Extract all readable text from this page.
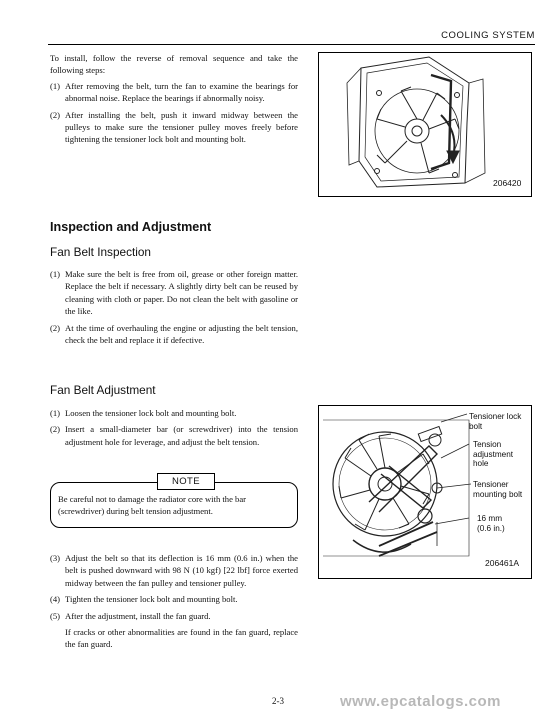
COOLING SYSTEM

To install, follow the reverse of removal sequence and take the following steps:

(1) After removing the belt, turn the fan to examine the bearings for abnormal noise. Replace the bearings if abnormally noisy.
(2) After installing the belt, push it inward midway between the pulleys to make sure the tensioner pulley moves freely before tightening the tensioner lock bolt and mounting bolt.
206420
Inspection and Adjustment
Fan Belt Inspection
(1) Make sure the belt is free from oil, grease or other foreign matter. Replace the belt if necessary. A slightly dirty belt can be reused by cleaning with cloth or paper. Do not clean the belt with gasoline or the like.
(2) At the time of overhauling the engine or adjusting the belt tension, check the belt and replace it if defective.
Fan Belt Adjustment
(1) Loosen the tensioner lock bolt and mounting bolt.
(2) Insert a small-diameter bar (or screwdriver) into the tension adjustment hole for leverage, and adjust the belt tension.
NOTE
Be careful not to damage the radiator core with the bar (screwdriver) during belt tension adjustment.
(3) Adjust the belt so that its deflection is 16 mm (0.6 in.) when the belt is pushed downward with 98 N (10 kgf) [22 lbf] force exerted midway between the fan pulley and tensioner pulley.
(4) Tighten the tensioner lock bolt and mounting bolt.
(5) After the adjustment, install the fan guard.

If cracks or other abnormalities are found in the fan guard, replace the fan guard.

Tensioner lock bolt
Tension adjustment hole
Tensioner mounting bolt
16 mm (0.6 in.)
206461A
2-3	www.epcatalogs.com
